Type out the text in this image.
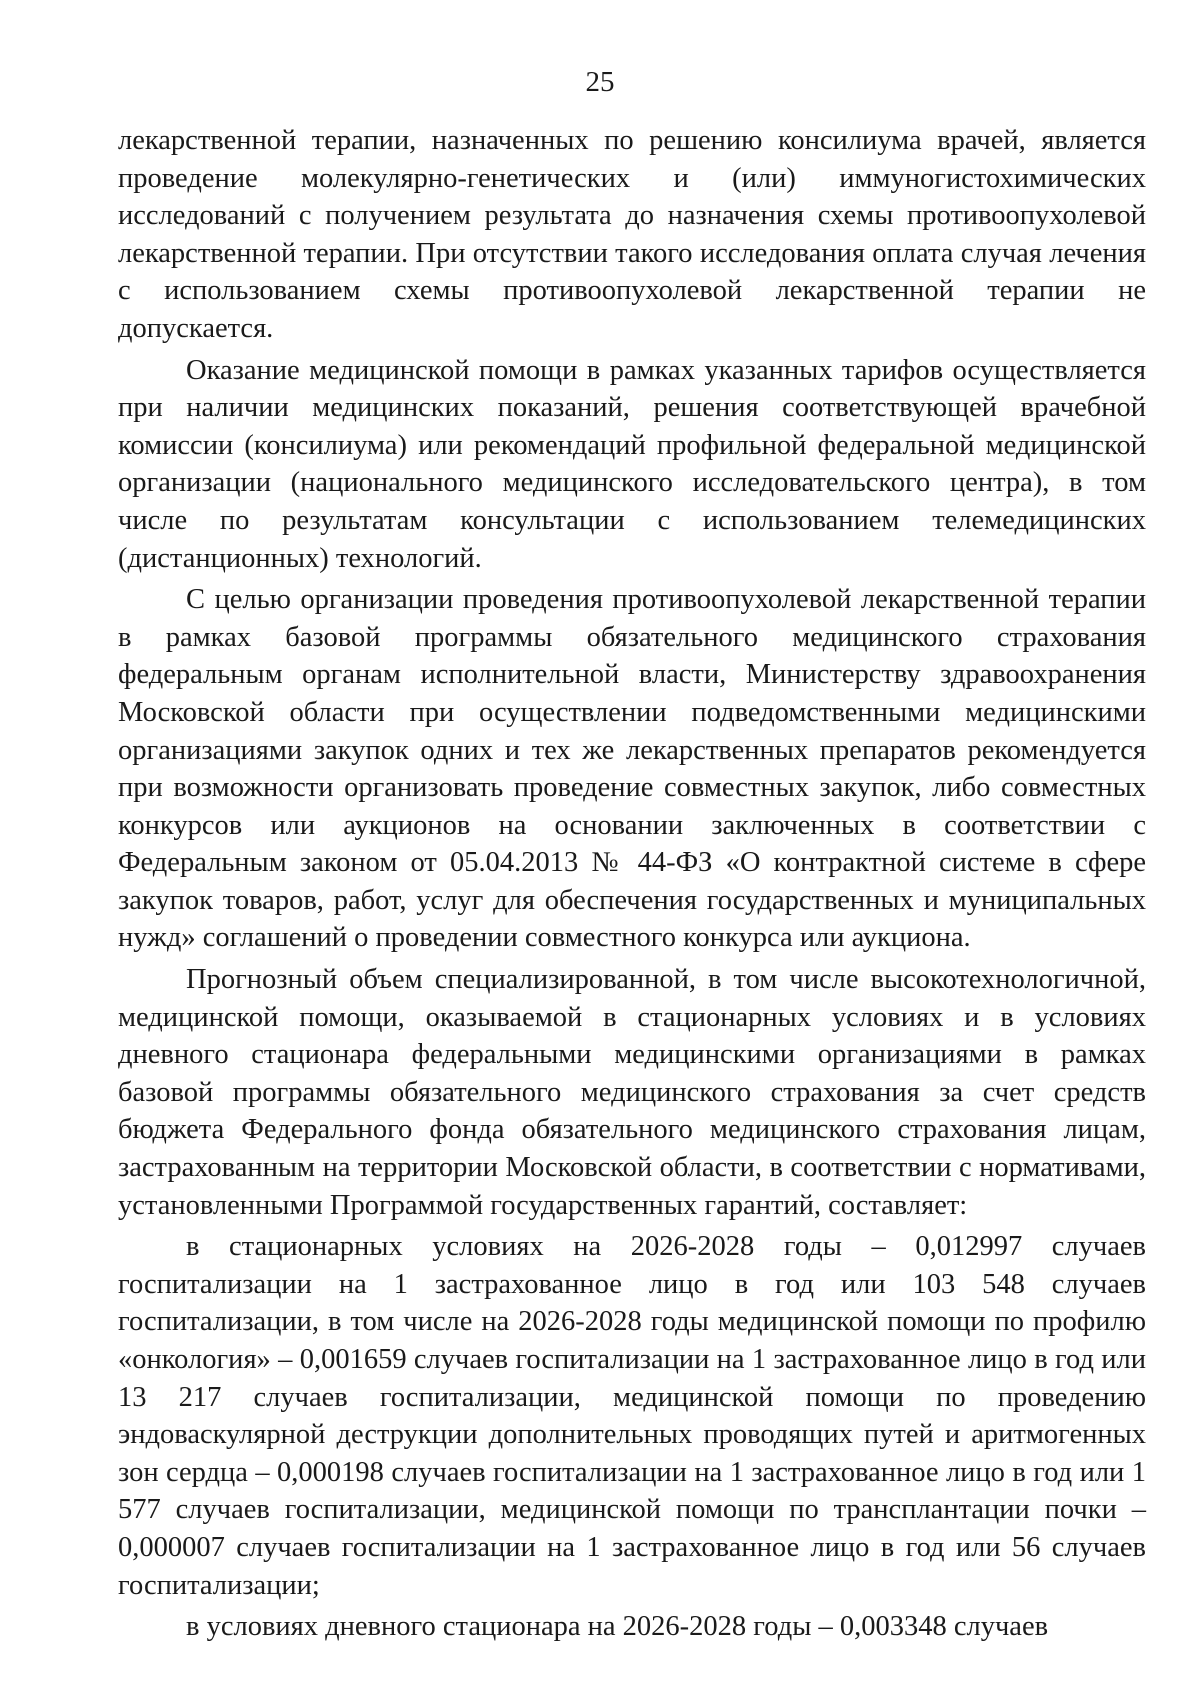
25

лекарственной терапии, назначенных по решению консилиума врачей, является проведение молекулярно-генетических и (или) иммуногистохимических исследований с получением результата до назначения схемы противоопухолевой лекарственной терапии. При отсутствии такого исследования оплата случая лечения с использованием схемы противоопухолевой лекарственной терапии не допускается.

Оказание медицинской помощи в рамках указанных тарифов осуществляется при наличии медицинских показаний, решения соответствующей врачебной комиссии (консилиума) или рекомендаций профильной федеральной медицинской организации (национального медицинского исследовательского центра), в том числе по результатам консультации с использованием телемедицинских (дистанционных) технологий.

С целью организации проведения противоопухолевой лекарственной терапии в рамках базовой программы обязательного медицинского страхования федеральным органам исполнительной власти, Министерству здравоохранения Московской области при осуществлении подведомственными медицинскими организациями закупок одних и тех же лекарственных препаратов рекомендуется при возможности организовать проведение совместных закупок, либо совместных конкурсов или аукционов на основании заключенных в соответствии с Федеральным законом от 05.04.2013 № 44-ФЗ «О контрактной системе в сфере закупок товаров, работ, услуг для обеспечения государственных и муниципальных нужд» соглашений о проведении совместного конкурса или аукциона.

Прогнозный объем специализированной, в том числе высокотехнологичной, медицинской помощи, оказываемой в стационарных условиях и в условиях дневного стационара федеральными медицинскими организациями в рамках базовой программы обязательного медицинского страхования за счет средств бюджета Федерального фонда обязательного медицинского страхования лицам, застрахованным на территории Московской области, в соответствии с нормативами, установленными Программой государственных гарантий, составляет:

в стационарных условиях на 2026-2028 годы – 0,012997 случаев госпитализации на 1 застрахованное лицо в год или 103 548 случаев госпитализации, в том числе на 2026-2028 годы медицинской помощи по профилю «онкология» – 0,001659 случаев госпитализации на 1 застрахованное лицо в год или 13 217 случаев госпитализации, медицинской помощи по проведению эндоваскулярной деструкции дополнительных проводящих путей и аритмогенных зон сердца – 0,000198 случаев госпитализации на 1 застрахованное лицо в год или 1 577 случаев госпитализации, медицинской помощи по трансплантации почки – 0,000007 случаев госпитализации на 1 застрахованное лицо в год или 56 случаев госпитализации;

в условиях дневного стационара на 2026-2028 годы – 0,003348 случаев
